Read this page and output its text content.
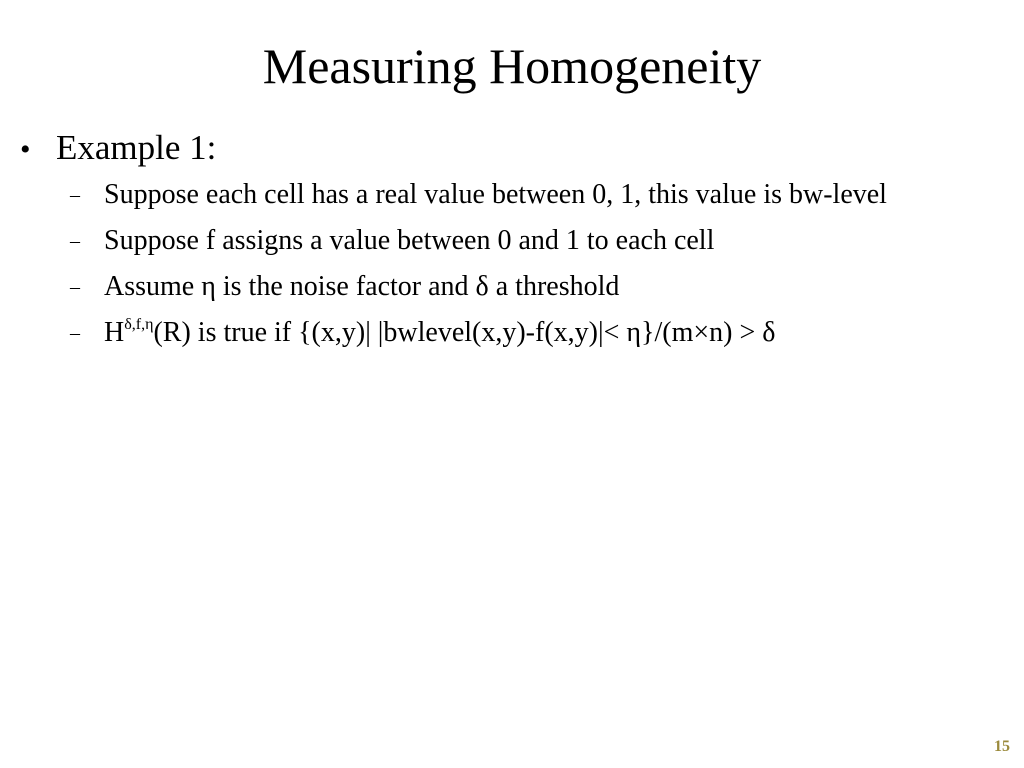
Measuring Homogeneity
• Example 1:
– Suppose each cell has a real value between 0, 1, this value is bw-level
– Suppose f assigns a value between 0 and 1 to each cell
– Assume η is the noise factor and δ a threshold
– $H^{\delta,f,\eta}(R)$ is true if {(x,y)| |bwlevel(x,y)-f(x,y)|< η}/(m×n) > δ
15
